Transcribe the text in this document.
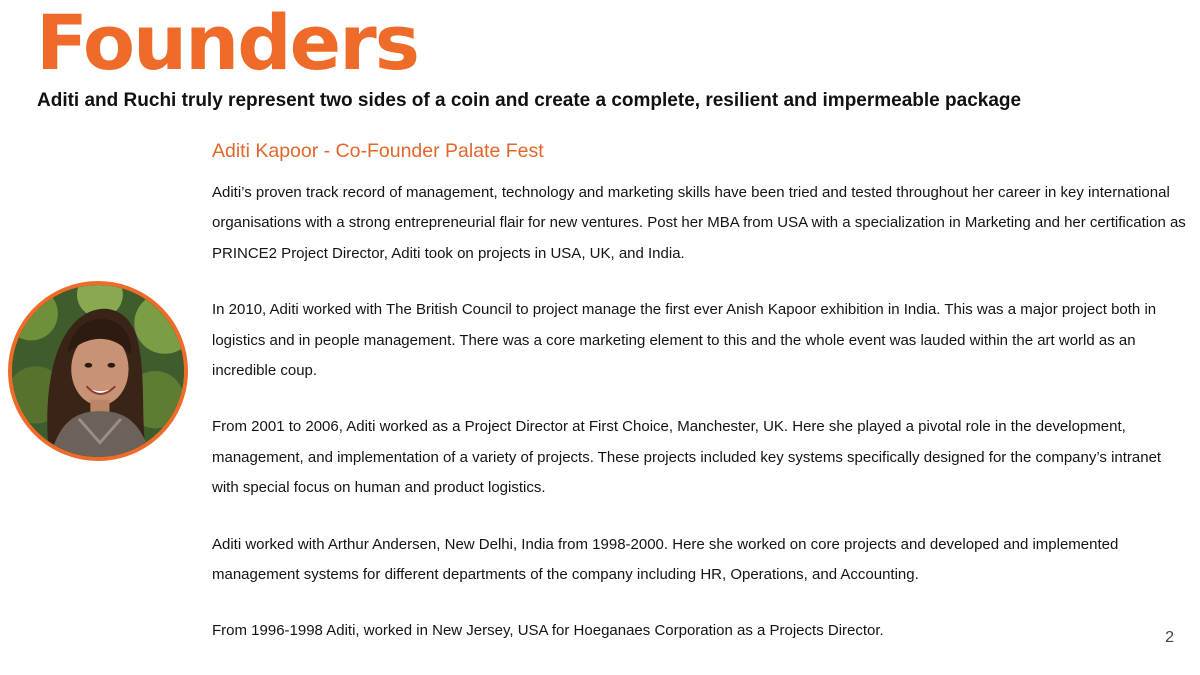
Founders

Aditi and Ruchi truly represent two sides of a coin and create a complete, resilient and impermeable package

Aditi Kapoor - Co-Founder Palate Fest

Aditi’s proven track record of management, technology and marketing skills have been tried and tested throughout her career in key international organisations with a strong entrepreneurial flair for new ventures. Post her MBA from USA with a specialization in Marketing and her certification as PRINCE2 Project Director, Aditi took on projects in USA, UK, and India.

In 2010, Aditi worked with The British Council to project manage the first ever Anish Kapoor exhibition in India. This was a major project both in logistics and in people management. There was a core marketing element to this and the whole event was lauded within the art world as an incredible coup.

From 2001 to 2006, Aditi worked as a Project Director at First Choice, Manchester, UK. Here she played a pivotal role in the development, management, and implementation of a variety of projects. These projects included key systems specifically designed for the company’s intranet with special focus on human and product logistics.

Aditi worked with Arthur Andersen, New Delhi, India from 1998-2000. Here she worked on core projects and developed and implemented management systems for different departments of the company including HR, Operations, and Accounting.

From 1996-1998 Aditi, worked in New Jersey, USA for Hoeganaes Corporation as a Projects Director.	2
